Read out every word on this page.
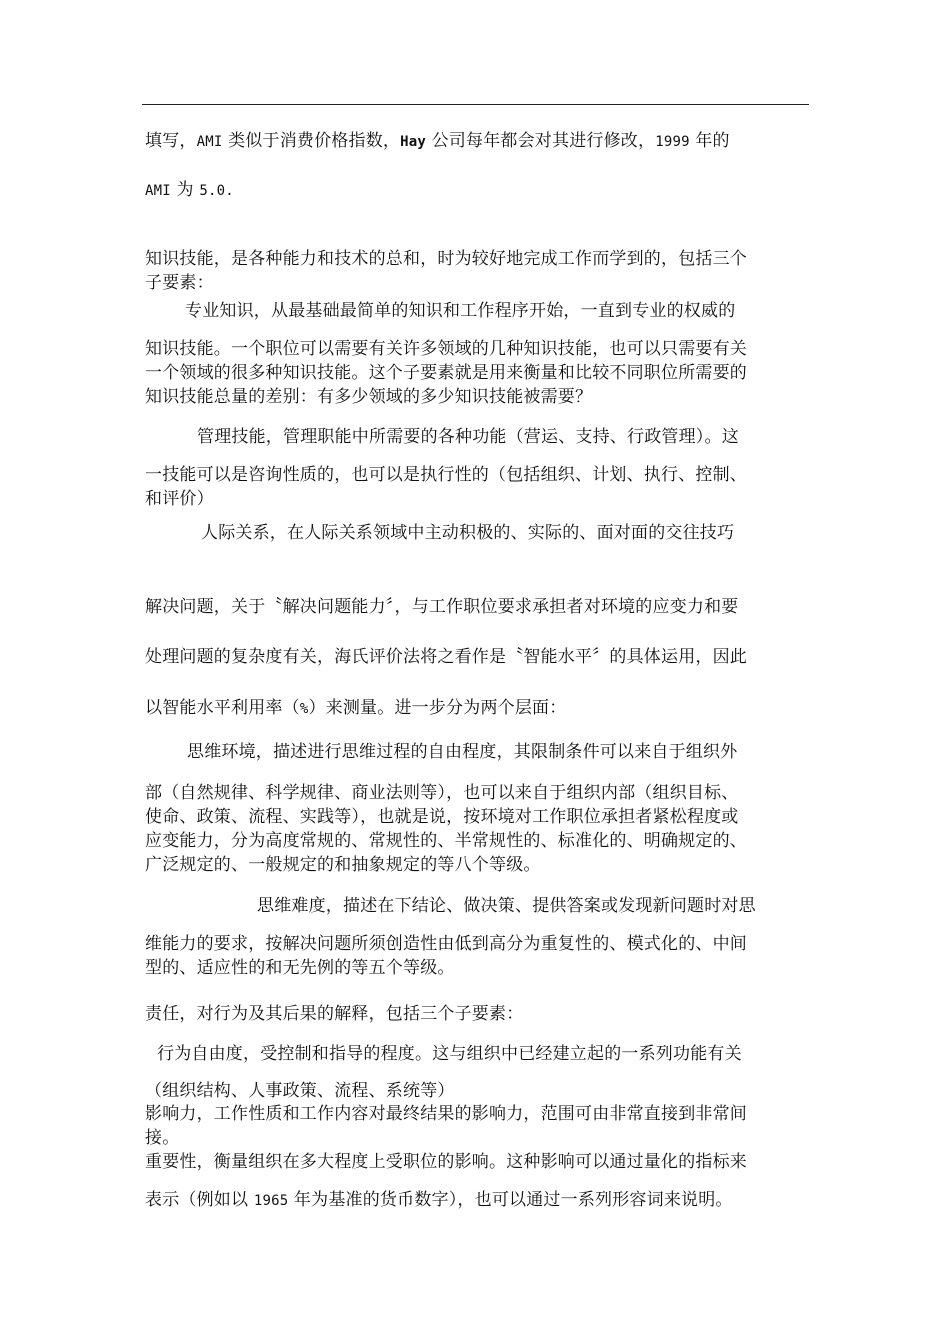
填写，AMI 类似于消费价格指数，Hay 公司每年都会对其进行修改，1999 年的
AMI 为 5.0.
知识技能，是各种能力和技术的总和，时为较好地完成工作而学到的，包括三个
子要素：
专业知识，从最基础最简单的知识和工作程序开始，一直到专业的权威的
知识技能。一个职位可以需要有关许多领域的几种知识技能，也可以只需要有关
一个领域的很多种知识技能。这个子要素就是用来衡量和比较不同职位所需要的
知识技能总量的差别：有多少领域的多少知识技能被需要？
管理技能，管理职能中所需要的各种功能（营运、支持、行政管理）。这
一技能可以是咨询性质的，也可以是执行性的（包括组织、计划、执行、控制、
和评价）
人际关系，在人际关系领域中主动积极的、实际的、面对面的交往技巧
解决问题，关于〝解决问题能力〞，与工作职位要求承担者对环境的应变力和要
处理问题的复杂度有关，海氏评价法将之看作是〝智能水平〞的具体运用，因此
以智能水平利用率（%）来测量。进一步分为两个层面：
思维环境，描述进行思维过程的自由程度，其限制条件可以来自于组织外
部（自然规律、科学规律、商业法则等），也可以来自于组织内部（组织目标、
使命、政策、流程、实践等），也就是说，按环境对工作职位承担者紧松程度或
应变能力，分为高度常规的、常规性的、半常规性的、标准化的、明确规定的、
广泛规定的、一般规定的和抽象规定的等八个等级。
思维难度，描述在下结论、做决策、提供答案或发现新问题时对思
维能力的要求，按解决问题所须创造性由低到高分为重复性的、模式化的、中间
型的、适应性的和无先例的等五个等级。
责任，对行为及其后果的解释，包括三个子要素：
行为自由度，受控制和指导的程度。这与组织中已经建立起的一系列功能有关
（组织结构、人事政策、流程、系统等）
影响力，工作性质和工作内容对最终结果的影响力，范围可由非常直接到非常间
接。
重要性，衡量组织在多大程度上受职位的影响。这种影响可以通过量化的指标来
表示（例如以 1965 年为基准的货币数字），也可以通过一系列形容词来说明。
